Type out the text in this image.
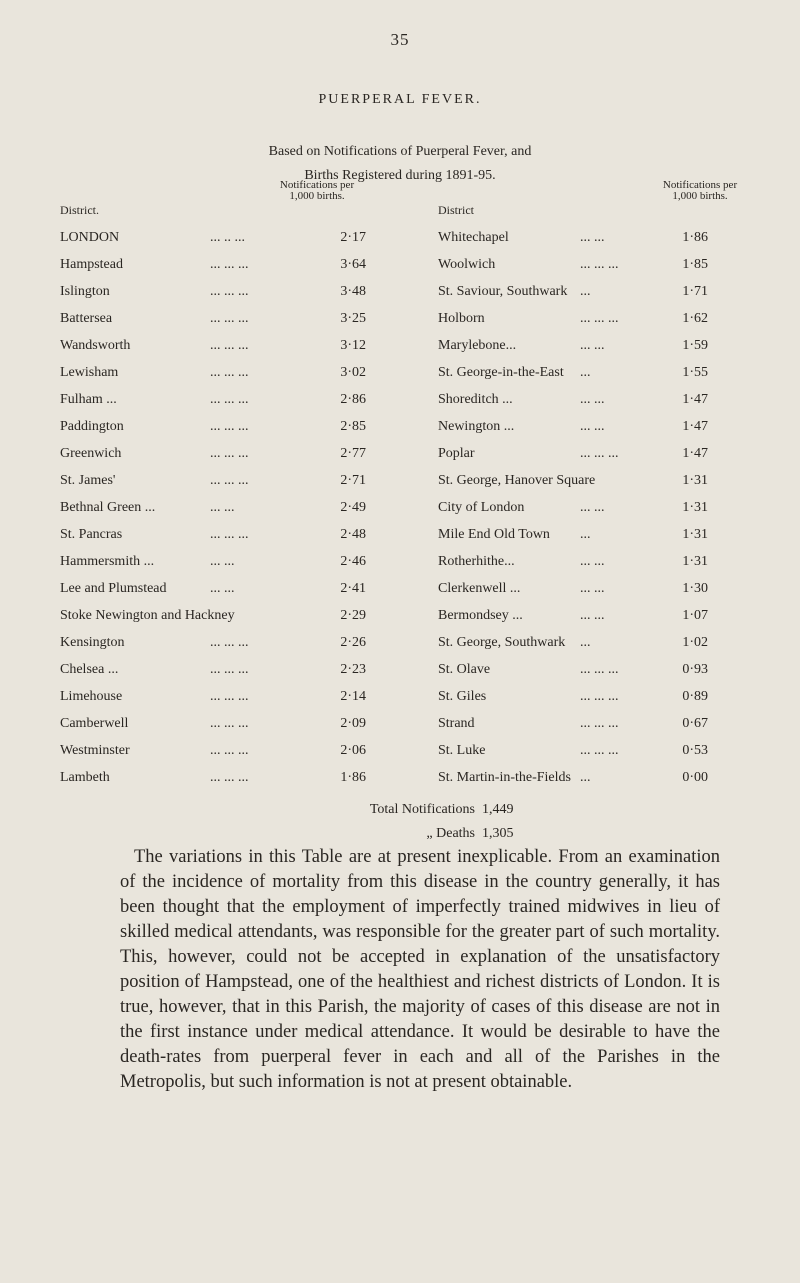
35
PUERPERAL FEVER.
Based on Notifications of Puerperal Fever, and
Births Registered during 1891-95.
District.
Notifications per 1,000 births.
District
Notifications per 1,000 births.
LONDON	2·17	Whitechapel	1·86
... .. ...	... ...
Hampstead	3·64	Woolwich	1·85
... ... ...	... ... ...
Islington	3·48	St. Saviour, Southwark	1·71
... ... ...	...
Battersea	3·25	Holborn	1·62
... ... ...	... ... ...
Wandsworth	3·12	Marylebone...	1·59
... ... ...	... ...
Lewisham	3·02	St. George-in-the-East	1·55
... ... ...	...
Fulham ...	2·86	Shoreditch ...	1·47
... ... ...	... ...
Paddington	2·85	Newington ...	1·47
... ... ...	... ...
Greenwich	2·77	Poplar	1·47
... ... ...	... ... ...
St. James'	2·71	St. George, Hanover Square	1·31
... ... ...
Bethnal Green ...	2·49	City of London	1·31
... ...	... ...
St. Pancras	2·48	Mile End Old Town	1·31
... ... ...	...
Hammersmith ...	2·46	Rotherhithe...	1·31
... ...	... ...
Lee and Plumstead	2·41	Clerkenwell ...	1·30
... ...	... ...
Stoke Newington and Hackney	2·29	Bermondsey ...	1·07
... ...
Kensington	2·26	St. George, Southwark	1·02
... ... ...	...
Chelsea ...	2·23	St. Olave	0·93
... ... ...	... ... ...
Limehouse	2·14	St. Giles	0·89
... ... ...	... ... ...
Camberwell	2·09	Strand	0·67
... ... ...	... ... ...
Westminster	2·06	St. Luke	0·53
... ... ...	... ... ...
Lambeth	1·86	St. Martin-in-the-Fields	0·00
... ... ...	...
Total Notifications 1,449
„ Deaths 1,305
The variations in this Table are at present inexplicable. From an examination of the incidence of mortality from this disease in the country generally, it has been thought that the employment of imperfectly trained midwives in lieu of skilled medical attendants, was responsible for the greater part of such mortality. This, however, could not be accepted in explanation of the unsatisfactory position of Hampstead, one of the healthiest and richest districts of London. It is true, however, that in this Parish, the majority of cases of this disease are not in the first instance under medical attendance. It would be desirable to have the death-rates from puerperal fever in each and all of the Parishes in the Metropolis, but such information is not at present obtainable.
